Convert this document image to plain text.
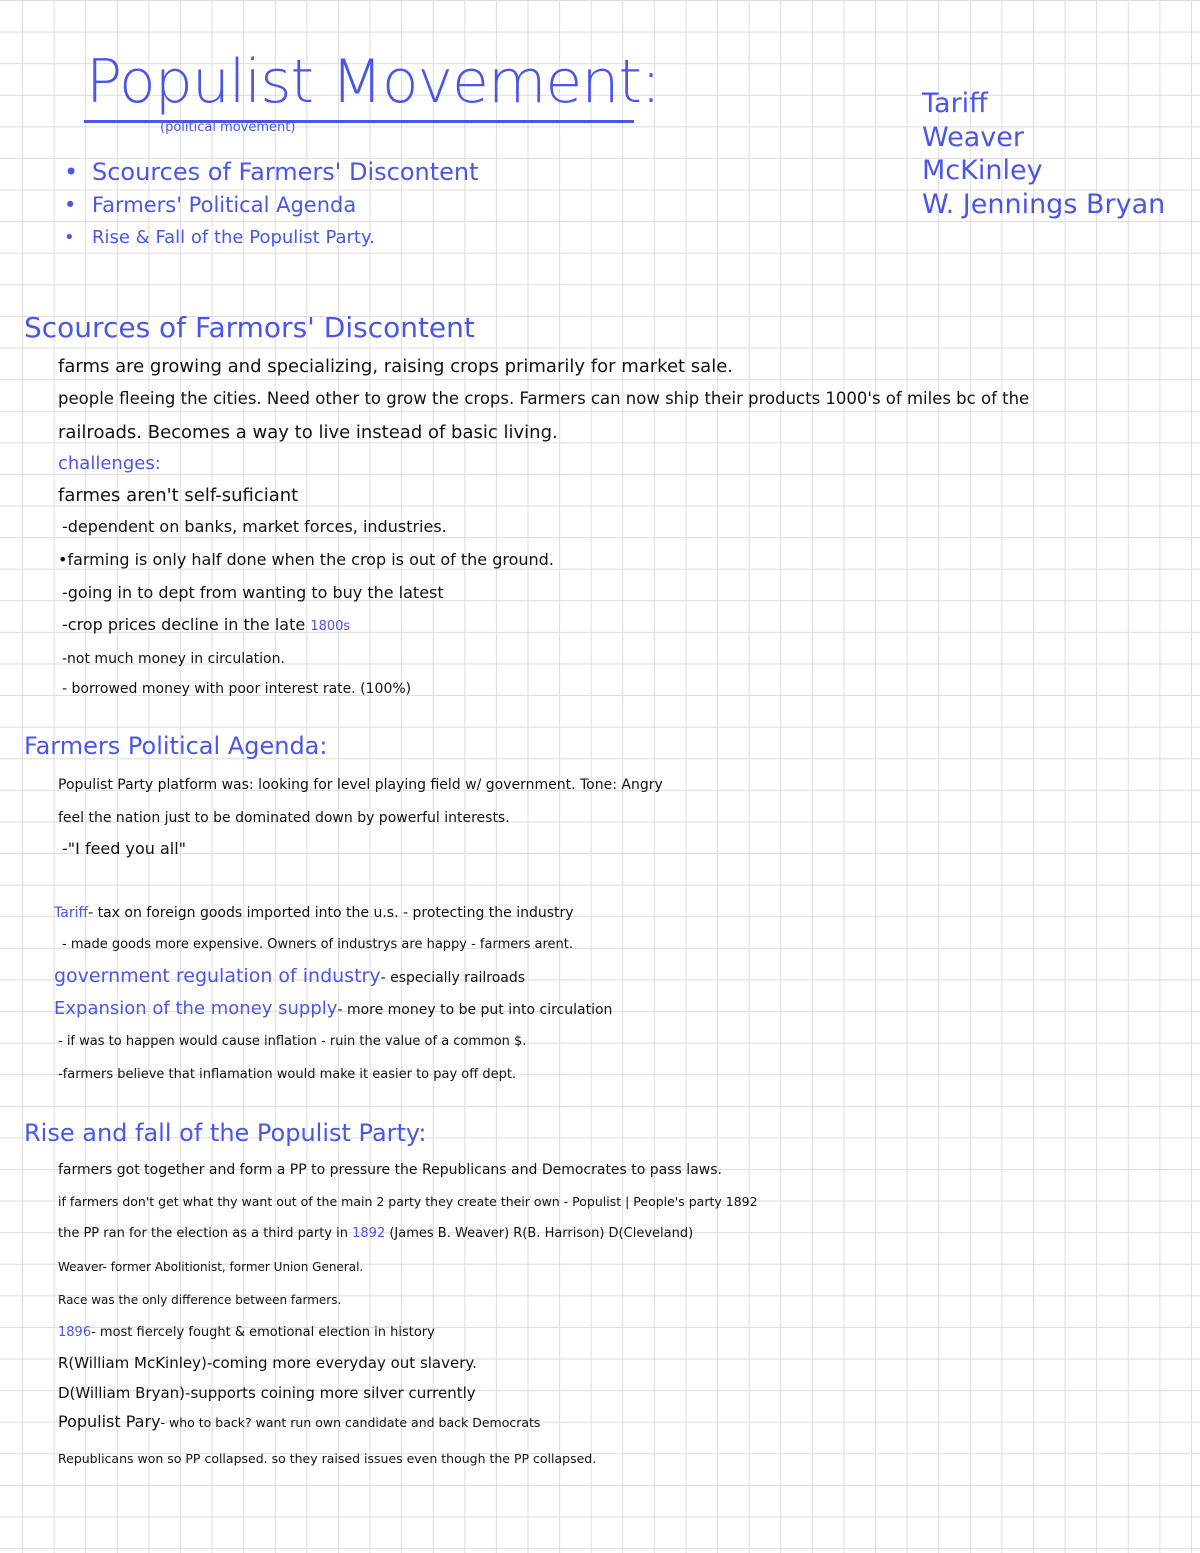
Populist Movement:
(political movement)
• Scources of Farmers' Discontent
• Farmers' Political Agenda
• Rise & Fall of the Populist Party.
Tariff
Weaver
McKinley
W. Jennings Bryan
Scources of Farmors' Discontent
farms are growing and specializing, raising crops primarily for market sale.
people fleeing the cities. Need other to grow the crops. Farmers can now ship their products 1000's of miles bc of the
railroads. Becomes a way to live instead of basic living.
challenges:
farmes aren't self-suficiant
-dependent on banks, market forces, industries.
•farming is only half done when the crop is out of the ground.
-going in to dept from wanting to buy the latest
-crop prices decline in the late 1800s
-not much money in circulation.
- borrowed money with poor interest rate. (100%)
Farmers Political Agenda:
Populist Party platform was: looking for level playing field w/ government. Tone: Angry
feel the nation just to be dominated down by powerful interests.
-"I feed you all"
Tariff- tax on foreign goods imported into the u.s. - protecting the industry
- made goods more expensive. Owners of industrys are happy - farmers arent.
government regulation of industry- especially railroads
Expansion of the money supply- more money to be put into circulation
- if was to happen would cause inflation - ruin the value of a common $.
-farmers believe that inflamation would make it easier to pay off dept.
Rise and fall of the Populist Party:
farmers got together and form a PP to pressure the Republicans and Democrates to pass laws.
if farmers don't get what thy want out of the main 2 party they create their own - Populist | People's party 1892
the PP ran for the election as a third party in 1892 (James B. Weaver) R(B. Harrison) D(Cleveland)
Weaver- former Abolitionist, former Union General.
Race was the only difference between farmers.
1896- most fiercely fought & emotional election in history
R(William McKinley)-coming more everyday out slavery.
D(William Bryan)-supports coining more silver currently
Populist Pary- who to back? want run own candidate and back Democrats
Republicans won so PP collapsed. so they raised issues even though the PP collapsed.
